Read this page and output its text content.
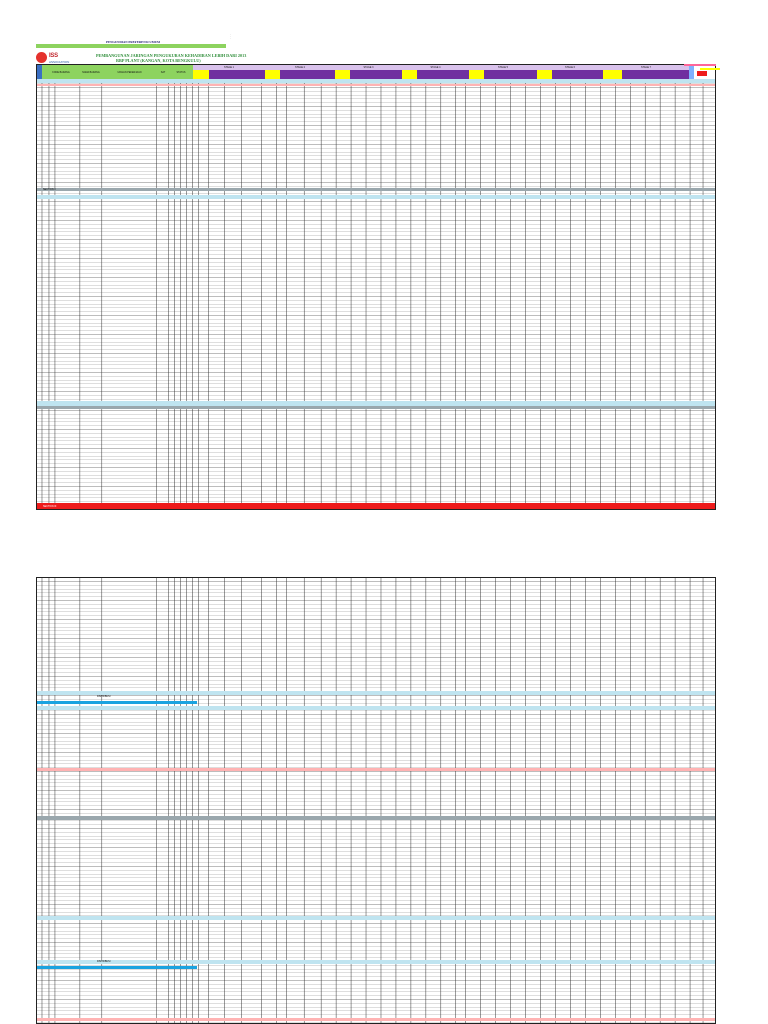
PENGUNDIAN PREFERENSI UMUM
· · ·
ISS
ASSOCIATION
PEMBANGUNAN JARINGAN PENGUKURAN KEHADIRAN LEBIH DARI 2013
RBP PLANT (KANGAN, KOTA BENGKULU)
KODE BARANG	NAMA BARANG	URAIAN PEKERJAAN	SAT	STATUS
STAGE 1	STAGE 2	STAGE 3	STAGE 4	STAGE 5	STAGE 6	STAGE 7
SECTION II
SECTION III
DISTRIBUSI
DISTRIBUSI
